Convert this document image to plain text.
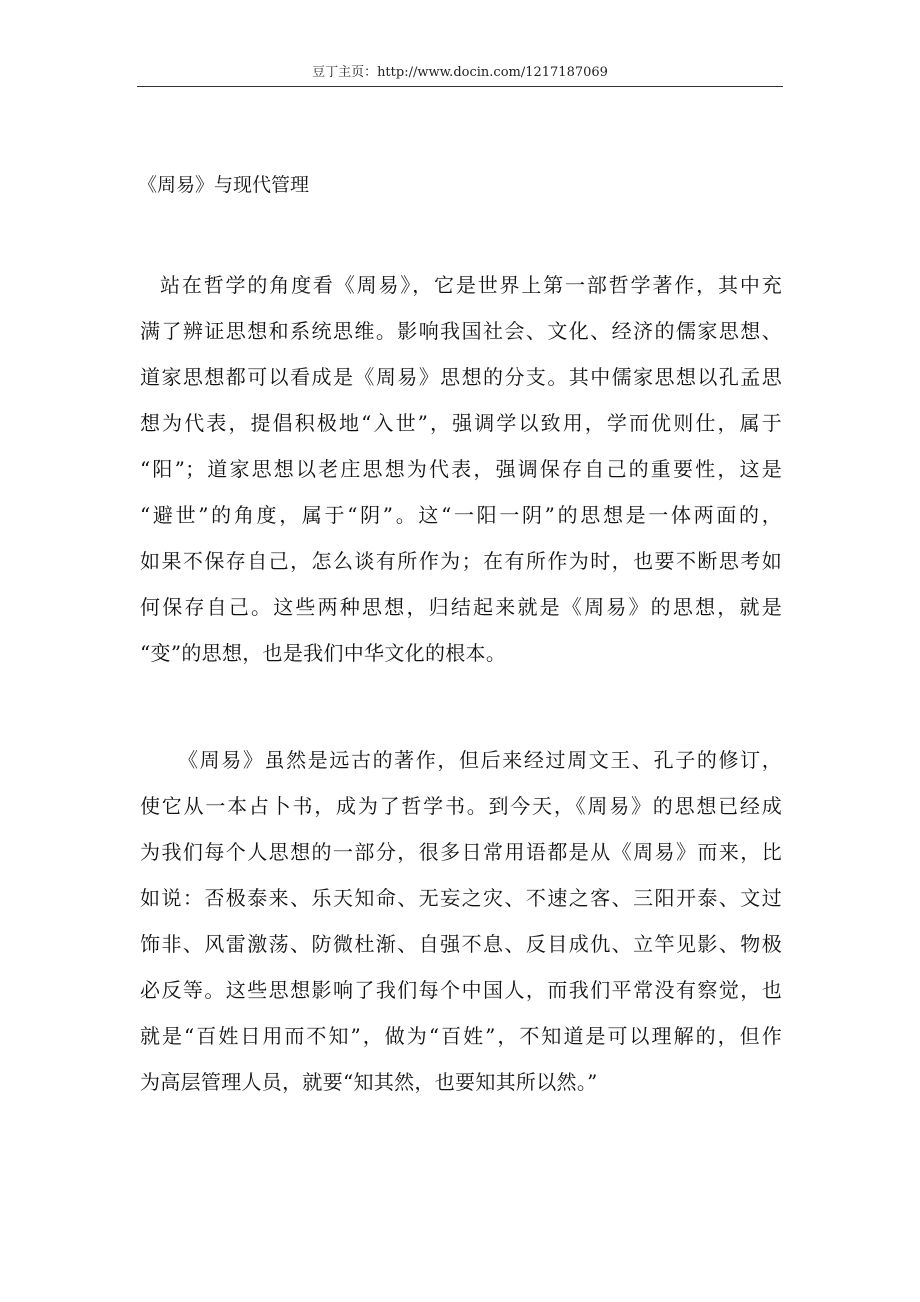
豆丁主页：http://www.docin.com/1217187069
《周易》与现代管理
站在哲学的角度看《周易》，它是世界上第一部哲学著作，其中充
满了辨证思想和系统思维。影响我国社会、文化、经济的儒家思想、
道家思想都可以看成是《周易》思想的分支。其中儒家思想以孔孟思
想为代表，提倡积极地“入世”，强调学以致用，学而优则仕，属于
“阳”；道家思想以老庄思想为代表，强调保存自己的重要性，这是
“避世”的角度，属于“阴”。这“一阳一阴”的思想是一体两面的，
如果不保存自己，怎么谈有所作为；在有所作为时，也要不断思考如
何保存自己。这些两种思想，归结起来就是《周易》的思想，就是
“变”的思想，也是我们中华文化的根本。
《周易》虽然是远古的著作，但后来经过周文王、孔子的修订，
使它从一本占卜书，成为了哲学书。到今天，《周易》的思想已经成
为我们每个人思想的一部分，很多日常用语都是从《周易》而来，比
如说：否极泰来、乐天知命、无妄之灾、不速之客、三阳开泰、文过
饰非、风雷激荡、防微杜渐、自强不息、反目成仇、立竿见影、物极
必反等。这些思想影响了我们每个中国人，而我们平常没有察觉，也
就是“百姓日用而不知”，做为“百姓”，不知道是可以理解的，但作
为高层管理人员，就要“知其然，也要知其所以然。”
